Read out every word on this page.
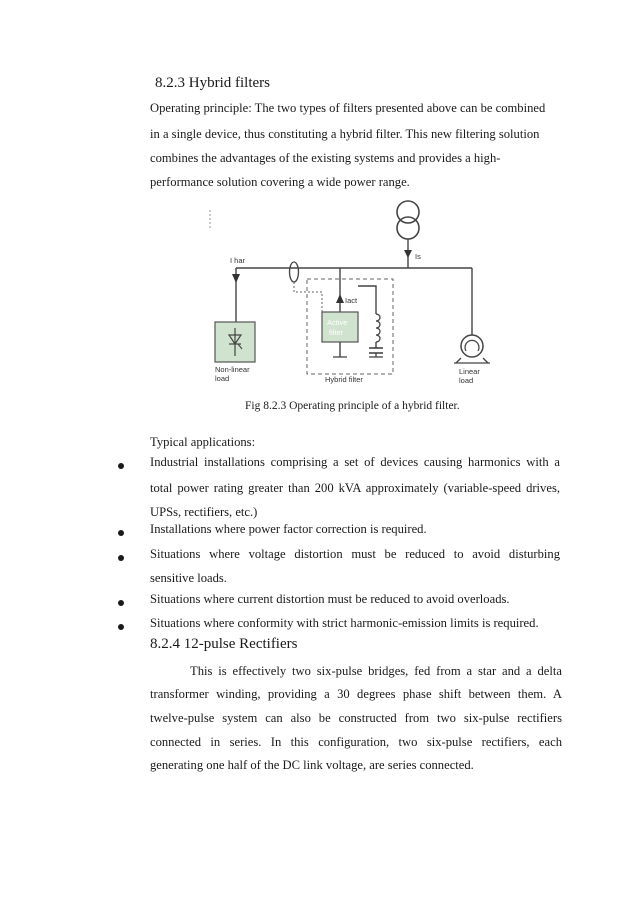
8.2.3 Hybrid filters
Operating principle: The two types of filters presented above can be combined
in a single device, thus constituting a hybrid filter. This new filtering solution
combines the advantages of the existing systems and provides a high-
performance solution covering a wide power range.
I har	Is
Iact
Active
filter
Non-linear
load	Hybrid filter
Linear
load
Fig 8.2.3 Operating principle of a hybrid filter.
Typical applications:
Industrial installations comprising a set of devices causing harmonics with a
total power rating greater than 200 kVA approximately (variable-speed drives,
UPSs, rectifiers, etc.)
Installations where power factor correction is required.
Situations where voltage distortion must be reduced to avoid disturbing
sensitive loads.
Situations where current distortion must be reduced to avoid overloads.
Situations where conformity with strict harmonic-emission limits is required.
8.2.4 12-pulse Rectifiers
This is effectively two six-pulse bridges, fed from a star and a delta
transformer winding, providing a 30 degrees phase shift between them. A
twelve-pulse system can also be constructed from two six-pulse rectifiers
connected in series. In this configuration, two six-pulse rectifiers, each
generating one half of the DC link voltage, are series connected.
